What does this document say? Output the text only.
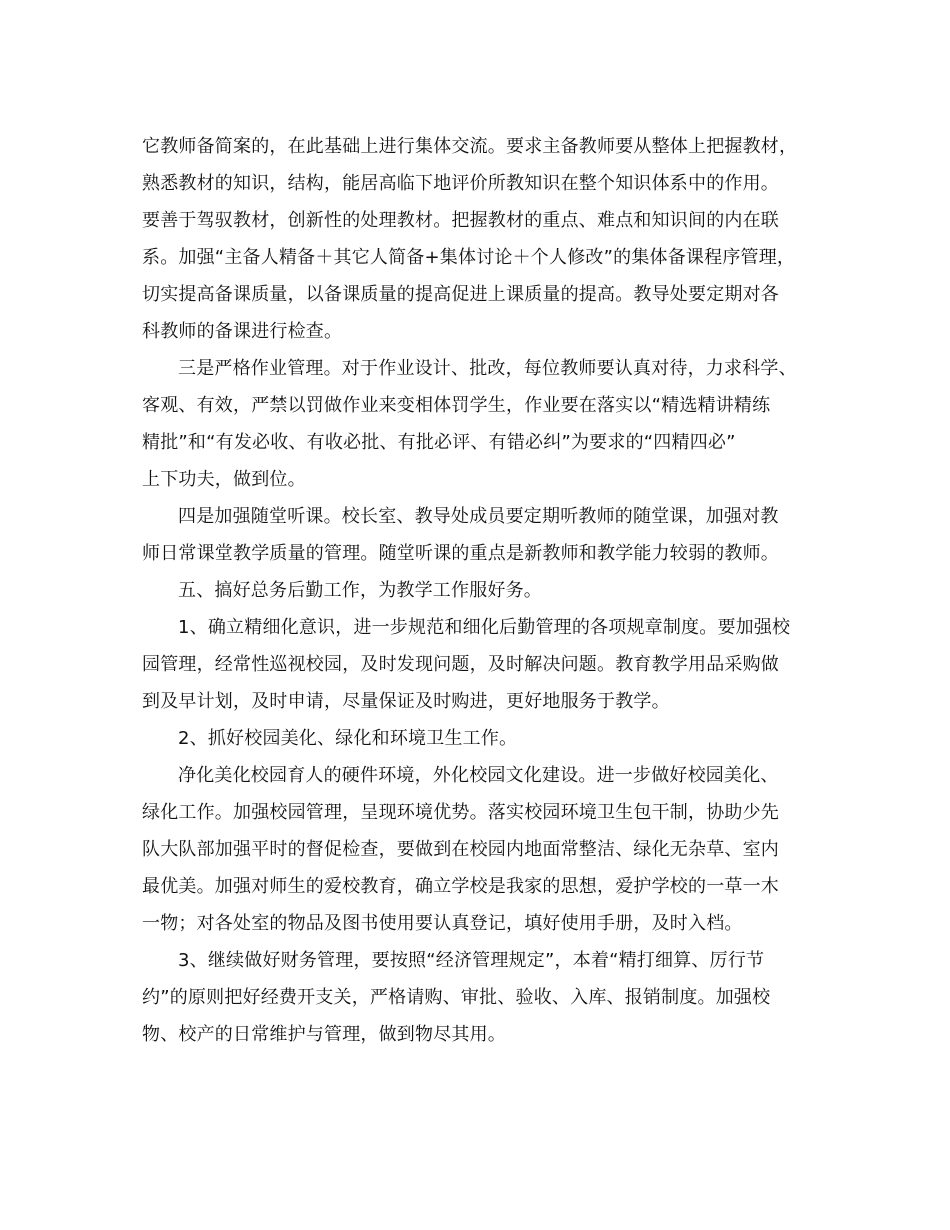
它教师备简案的，在此基础上进行集体交流。要求主备教师要从整体上把握教材，
熟悉教材的知识，结构，能居高临下地评价所教知识在整个知识体系中的作用。
要善于驾驭教材，创新性的处理教材。把握教材的重点、难点和知识间的内在联
系。加强“主备人精备＋其它人简备+集体讨论＋个人修改”的集体备课程序管理，
切实提高备课质量，以备课质量的提高促进上课质量的提高。教导处要定期对各
科教师的备课进行检查。
三是严格作业管理。对于作业设计、批改，每位教师要认真对待，力求科学、
客观、有效，严禁以罚做作业来变相体罚学生，作业要在落实以“精选精讲精练
精批”和“有发必收、有收必批、有批必评、有错必纠”为要求的“四精四必”
上下功夫，做到位。
四是加强随堂听课。校长室、教导处成员要定期听教师的随堂课，加强对教
师日常课堂教学质量的管理。随堂听课的重点是新教师和教学能力较弱的教师。
五、搞好总务后勤工作，为教学工作服好务。
1、确立精细化意识，进一步规范和细化后勤管理的各项规章制度。要加强校
园管理，经常性巡视校园，及时发现问题，及时解决问题。教育教学用品采购做
到及早计划，及时申请，尽量保证及时购进，更好地服务于教学。
2、抓好校园美化、绿化和环境卫生工作。
净化美化校园育人的硬件环境，外化校园文化建设。进一步做好校园美化、
绿化工作。加强校园管理，呈现环境优势。落实校园环境卫生包干制，协助少先
队大队部加强平时的督促检查，要做到在校园内地面常整洁、绿化无杂草、室内
最优美。加强对师生的爱校教育，确立学校是我家的思想，爱护学校的一草一木
一物；对各处室的物品及图书使用要认真登记，填好使用手册，及时入档。
3、继续做好财务管理，要按照“经济管理规定”，本着“精打细算、厉行节
约”的原则把好经费开支关，严格请购、审批、验收、入库、报销制度。加强校
物、校产的日常维护与管理，做到物尽其用。
